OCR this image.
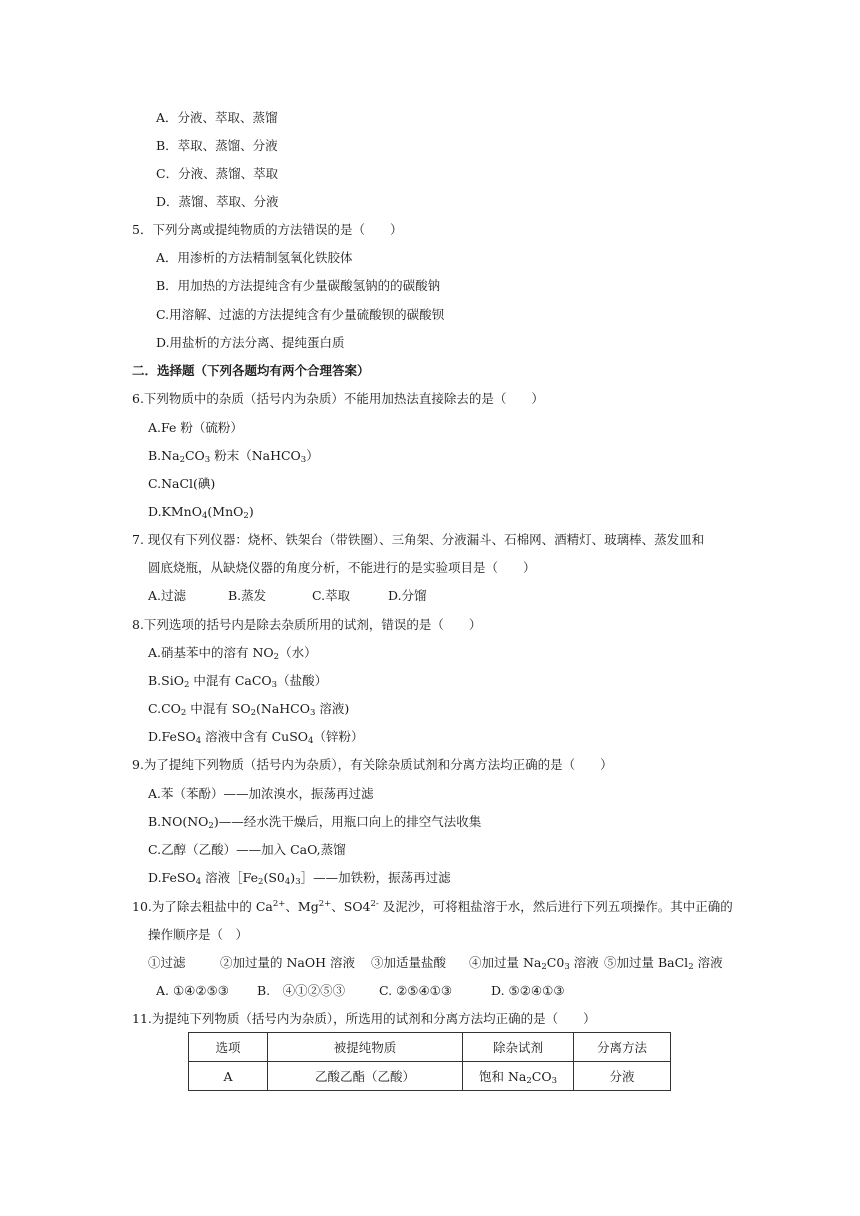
A．分液、萃取、蒸馏
B．萃取、蒸馏、分液
C．分液、蒸馏、萃取
D．蒸馏、萃取、分液
5．下列分离或提纯物质的方法错误的是（　　）
A．用渗析的方法精制氢氧化铁胶体
B．用加热的方法提纯含有少量碳酸氢钠的的碳酸钠
C.用溶解、过滤的方法提纯含有少量硫酸钡的碳酸钡
D.用盐析的方法分离、提纯蛋白质
二．选择题（下列各题均有两个合理答案）
6.下列物质中的杂质（括号内为杂质）不能用加热法直接除去的是（　　）
A.Fe 粉（硫粉）
$B.Na_2CO_3$ 粉末（NaHCO$_3$）
C.NaCl(碘)
D.KMnO$_4$(MnO$_2$)
7. 现仅有下列仪器：烧杯、铁架台（带铁圈）、三角架、分液漏斗、石棉网、酒精灯、玻璃棒、蒸发皿和
圆底烧瓶，从缺烧仪器的角度分析，不能进行的是实验项目是（　　）
A.过滤	B.蒸发	C.萃取	D.分馏
8.下列选项的括号内是除去杂质所用的试剂，错误的是（　　）
A.硝基苯中的溶有 $NO_2$（水）
B.SiO$_2$ 中混有 CaCO$_3$（盐酸）
$C.CO_2$ 中混有 $SO_2(NaHCO_3$ 溶液)
D.FeSO$_4$ 溶液中含有 CuSO$_4$（锌粉）
9.为了提纯下列物质（括号内为杂质），有关除杂质试剂和分离方法均正确的是（　　）
A.苯（苯酚）——加浓溴水，振荡再过滤
$B.NO(NO_2)——$经水洗干燥后，用瓶口向上的排空气法收集
C.乙醇（乙酸）——加入 CaO,蒸馏
D.FeSO$_4$ 溶液$[Fe_2(S0_4)_3]——$加铁粉，振荡再过滤
10.为了除去粗盐中的 $Ca^{2+}$、$Mg^{2+}$、$SO4^{2-}$ 及泥沙，可将粗盐溶于水，然后进行下列五项操作。其中正确的
操作顺序是（　）
①过滤	②加过量的 NaOH 溶液 ③加适量盐酸 ④加过量 $Na_2C0_3$ 溶液 ⑤加过量 BaCl$_2$ 溶液
A. ①④②⑤③ B.　④①②⑤③	C. ②⑤④①③	D. ⑤②④①③
11.为提纯下列物质（括号内为杂质），所选用的试剂和分离方法均正确的是（　　）
选项	被提纯物质	除杂试剂	分离方法
A	乙酸乙酯（乙酸）	饱和 $Na_2CO_3$	分液
